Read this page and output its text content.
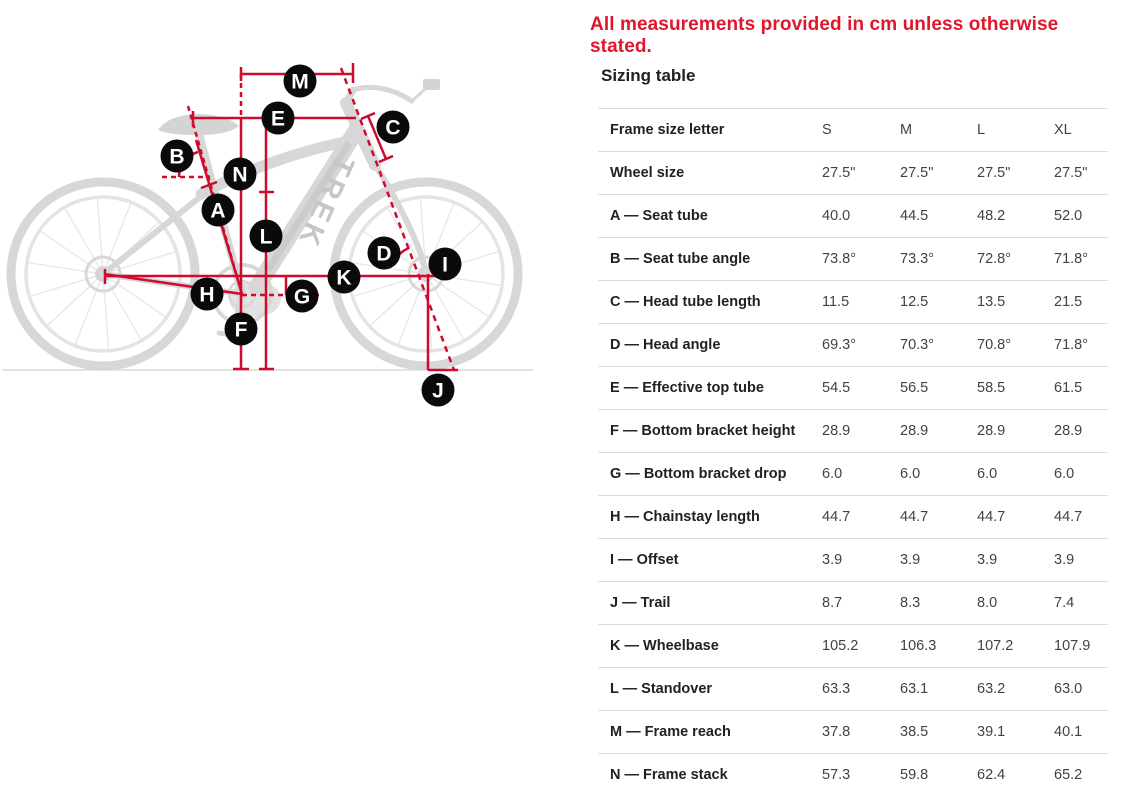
TREK
M
E	C
B
N
A
L
D I
K
H	G
F
J
All measurements provided in cm unless otherwise stated.
Sizing table
Frame size letter	S	M	L	XL
Wheel size	27.5"	27.5"	27.5"	27.5"
A — Seat tube	40.0	44.5	48.2	52.0
B — Seat tube angle	73.8°	73.3°	72.8°	71.8°
C — Head tube length	11.5	12.5	13.5	21.5
D — Head angle	69.3°	70.3°	70.8°	71.8°
E — Effective top tube	54.5	56.5	58.5	61.5
F — Bottom bracket height	28.9	28.9	28.9	28.9
G — Bottom bracket drop	6.0	6.0	6.0	6.0
H — Chainstay length	44.7	44.7	44.7	44.7
I — Offset	3.9	3.9	3.9	3.9
J — Trail	8.7	8.3	8.0	7.4
K — Wheelbase	105.2	106.3	107.2	107.9
L — Standover	63.3	63.1	63.2	63.0
M — Frame reach	37.8	38.5	39.1	40.1
N — Frame stack	57.3	59.8	62.4	65.2
